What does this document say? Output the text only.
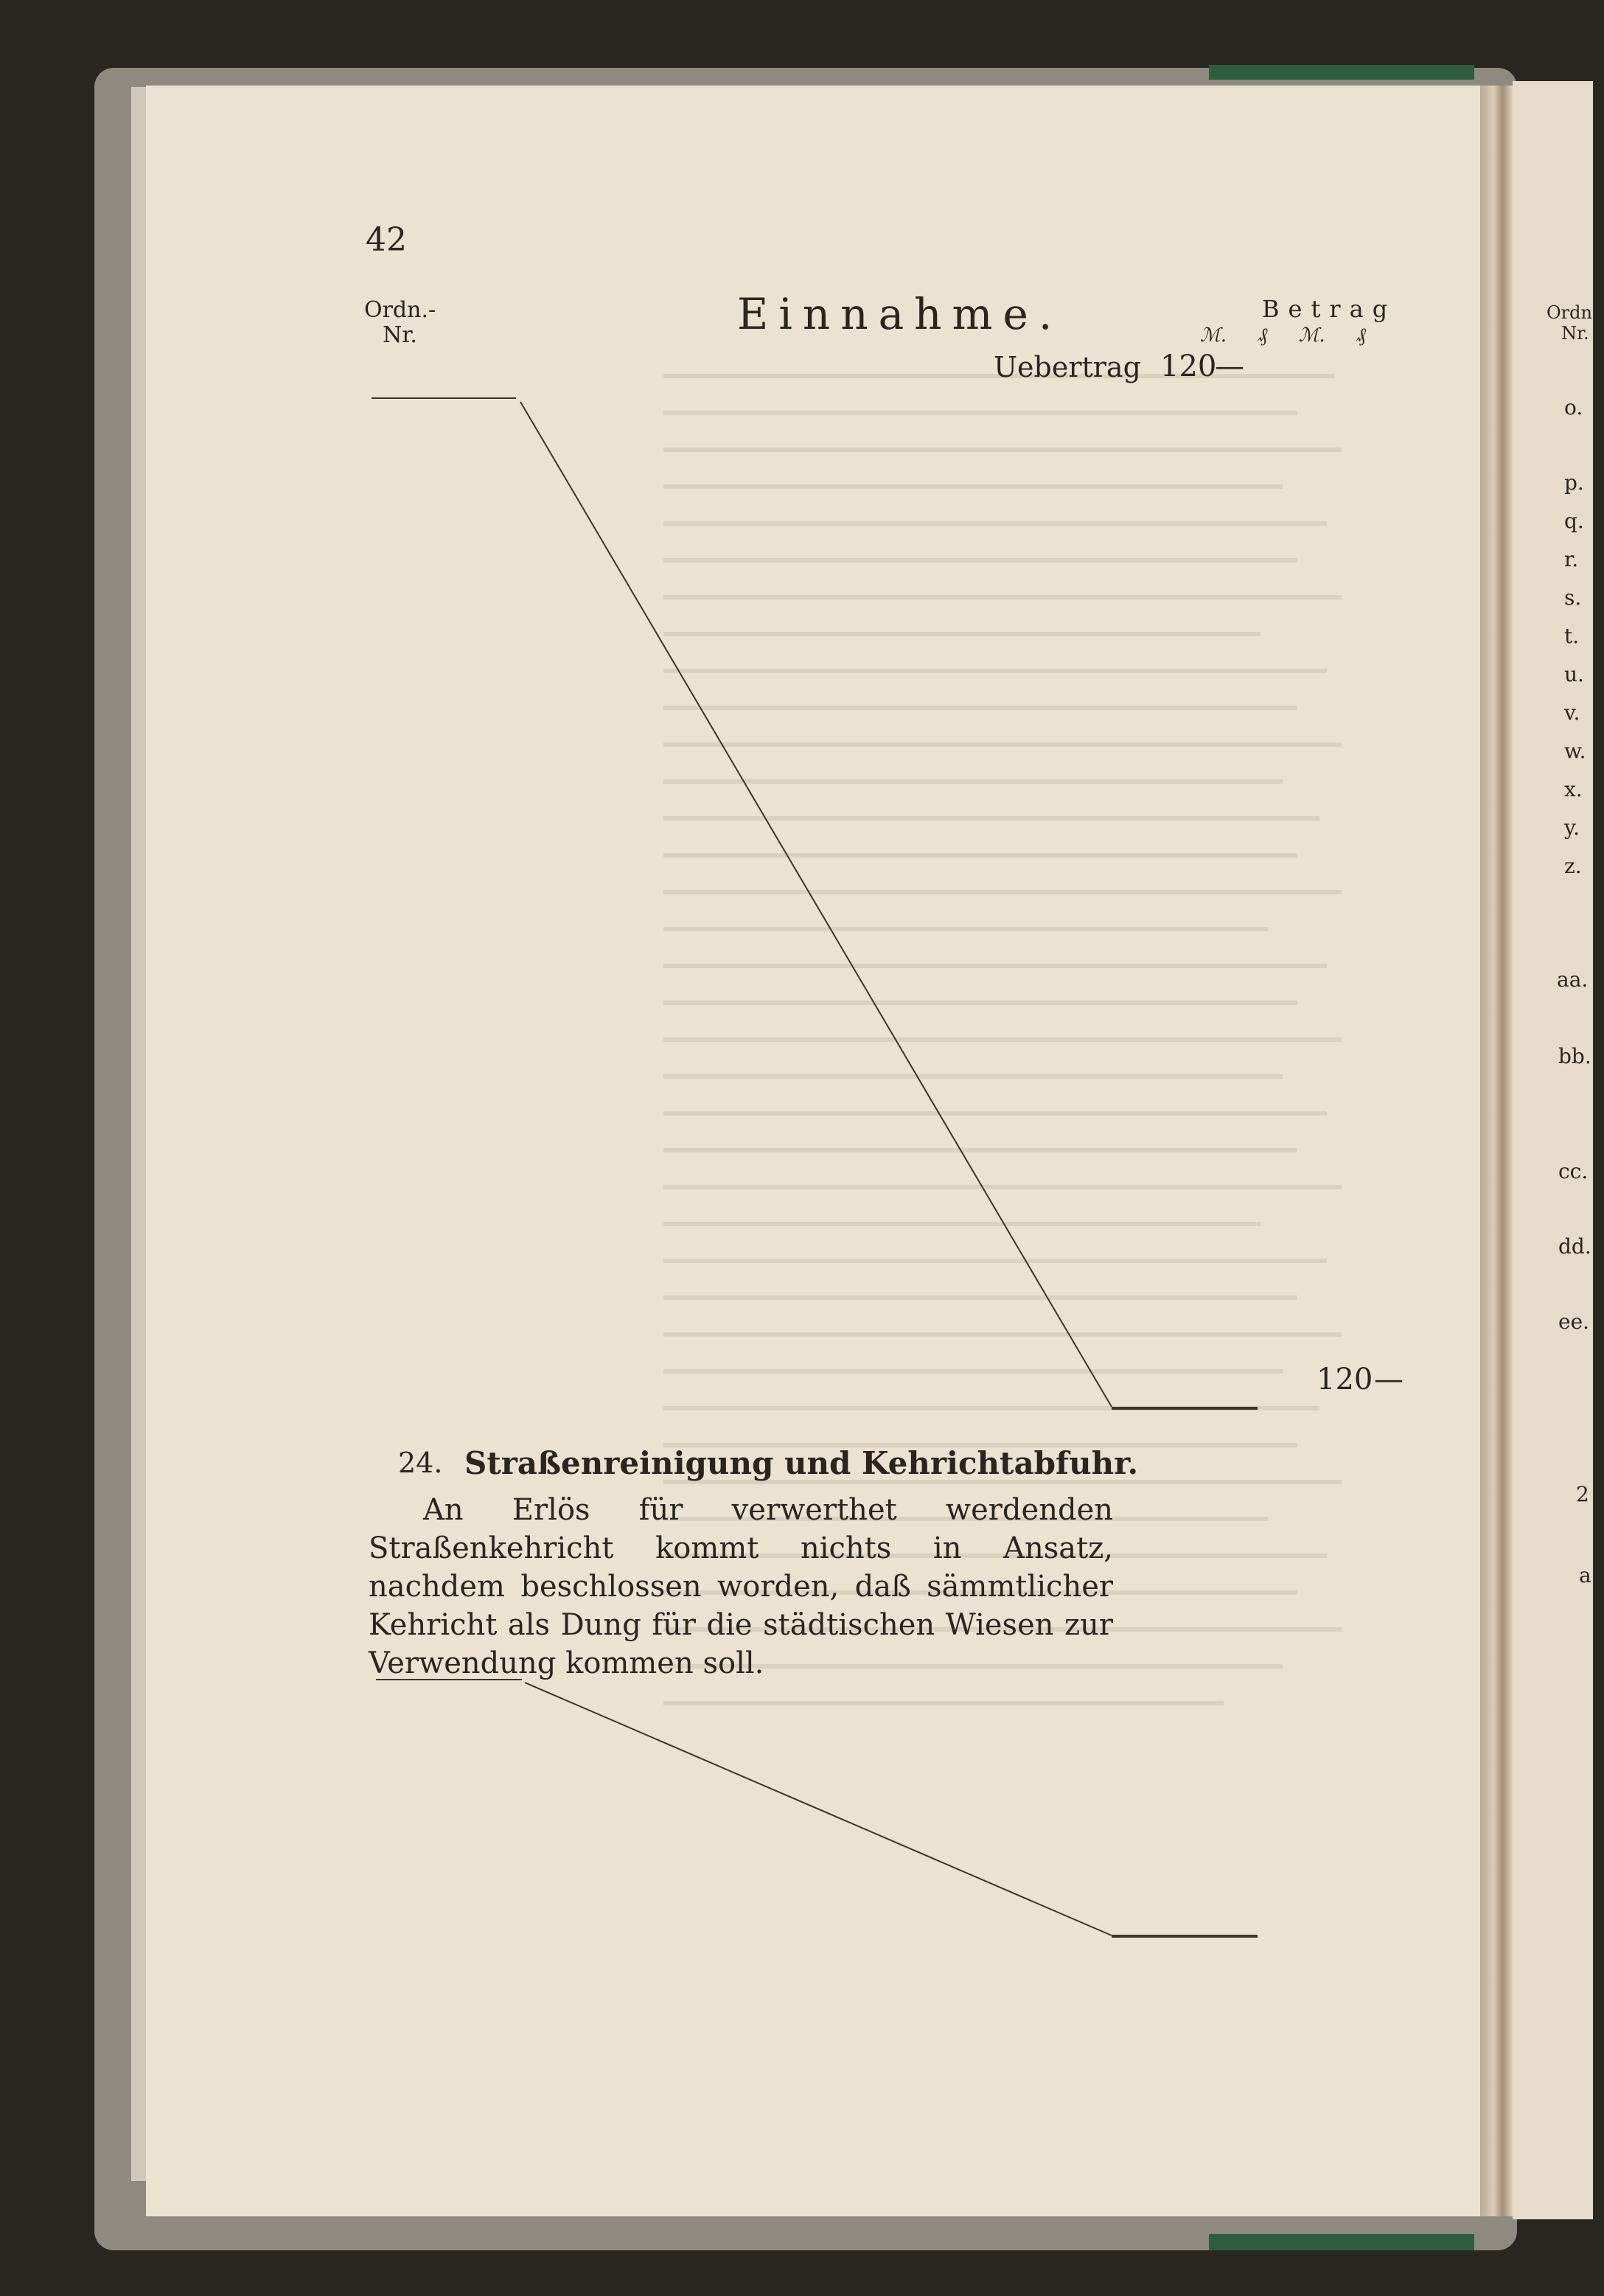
42
Ordn.-
Nr.	Einnahme.	Betrag
ℳ. ₰ ℳ. ₰
Uebertrag 120
—
120 —
24. Straßenreinigung und Kehrichtabfuhr.
An Erlös für verwerthet werdenden Straßenkehricht kommt nichts in Ansatz, nachdem beschlossen worden, daß sämmtlicher Kehricht als Dung für die städtischen Wiesen zur Verwendung kommen soll.
Ordn.-
Nr.
o.
p.
q.
r.
s.
t.
u.
v.
w.
x.
y.
z.
aa.
bb.
cc.
dd.
ee.
2
a
